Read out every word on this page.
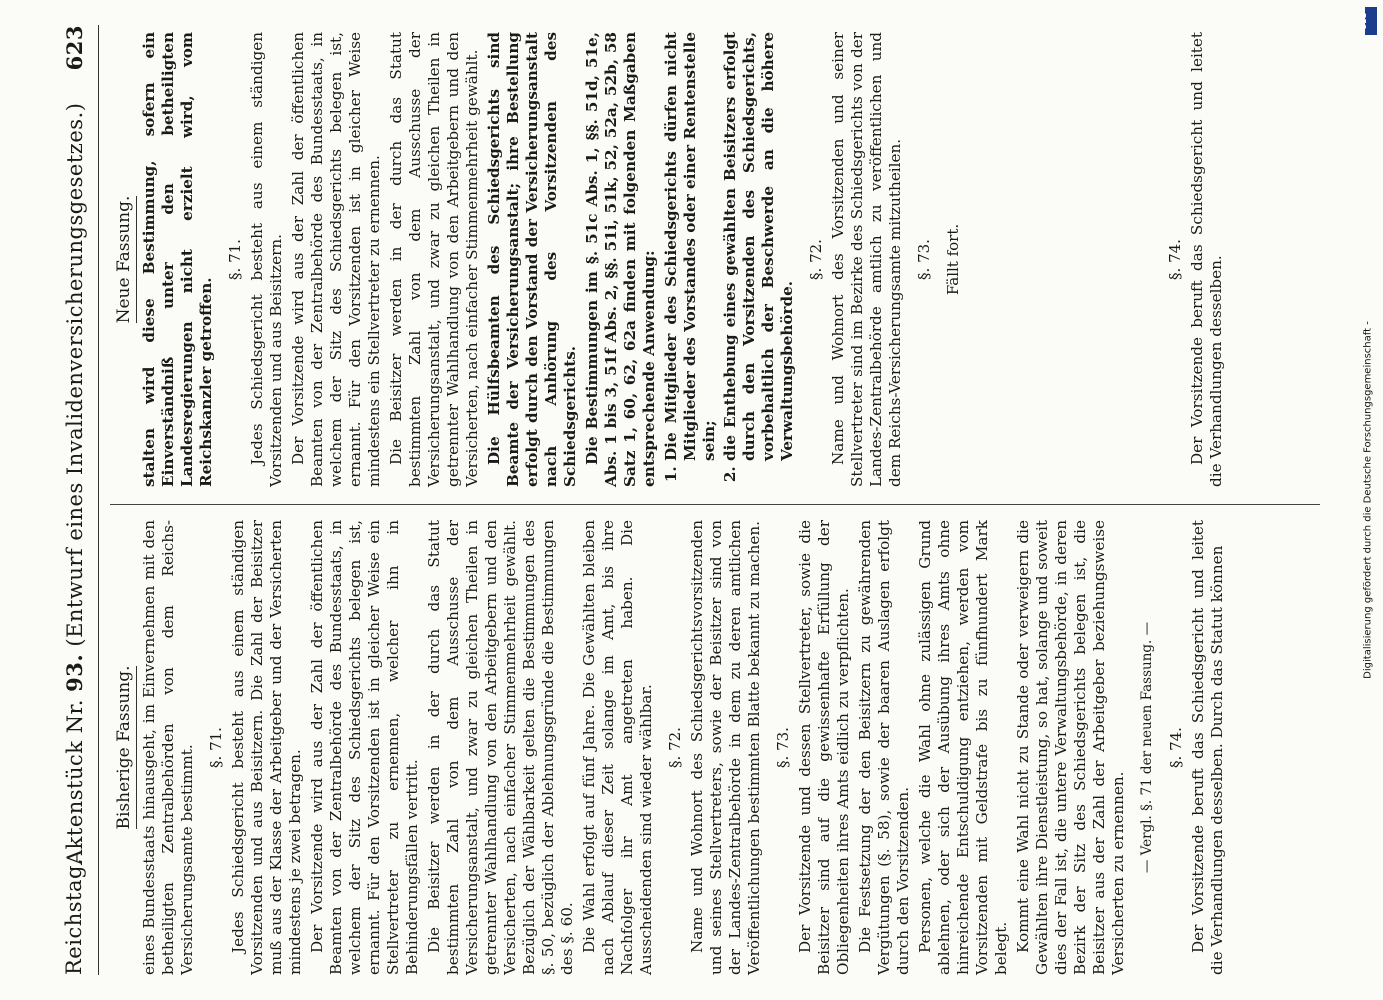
Reichstag.
Aktenstück Nr. 93. (Entwurf eines Invalidenversicherungsgesetzes.)
623
Bisherige Fassung. eines Bundesstaats hinausgeht, im Einvernehmen mit den betheiligten Zentralbehörden von dem Reichs-Versicherungsamte bestimmt. §. 71. Jedes Schiedsgericht besteht aus einem ständigen Vorsitzenden und aus Beisitzern. Die Zahl der Beisitzer muß aus der Klasse der Arbeitgeber und der Versicherten mindestens je zwei betragen. Der Vorsitzende wird aus der Zahl der öffentlichen Beamten von der Zentralbehörde des Bundesstaats, in welchem der Sitz des Schiedsgerichts belegen ist, ernannt. Für den Vorsitzenden ist in gleicher Weise ein Stellvertreter zu ernennen, welcher ihn in Behinderungsfällen vertritt. Die Beisitzer werden in der durch das Statut bestimmten Zahl von dem Ausschusse der Versicherungsanstalt, und zwar zu gleichen Theilen in getrennter Wahlhandlung von den Arbeitgebern und den Versicherten, nach einfacher Stimmenmehrheit gewählt. Bezüglich der Wählbarkeit gelten die Bestimmungen des §. 50, bezüglich der Ablehnungsgründe die Bestimmungen des §. 60. Die Wahl erfolgt auf fünf Jahre. Die Gewählten bleiben nach Ablauf dieser Zeit solange im Amt, bis ihre Nachfolger ihr Amt angetreten haben. Die Ausscheidenden sind wieder wählbar. §. 72. Name und Wohnort des Schiedsgerichtsvorsitzenden und seines Stellvertreters, sowie der Beisitzer sind von der Landes-Zentralbehörde in dem zu deren amtlichen Veröffentlichungen bestimmten Blatte bekannt zu machen. §. 73. Der Vorsitzende und dessen Stellvertreter, sowie die Beisitzer sind auf die gewissenhafte Erfüllung der Obliegenheiten ihres Amts eidlich zu verpflichten. Die Festsetzung der den Beisitzern zu gewährenden Vergütungen (§. 58), sowie der baaren Auslagen erfolgt durch den Vorsitzenden. Personen, welche die Wahl ohne zulässigen Grund ablehnen, oder sich der Ausübung ihres Amts ohne hinreichende Entschuldigung entziehen, werden vom Vorsitzenden mit Geldstrafe bis zu fünfhundert Mark belegt. Kommt eine Wahl nicht zu Stande oder verweigern die Gewählten ihre Dienstleistung, so hat, solange und soweit dies der Fall ist, die untere Verwaltungsbehörde, in deren Bezirk der Sitz des Schiedsgerichts belegen ist, die Beisitzer aus der Zahl der Arbeitgeber beziehungsweise Versicherten zu ernennen.

— Vergl. §. 71 der neuen Fassung. — §. 74. Der Vorsitzende beruft das Schiedsgericht und leitet die Verhandlungen desselben. Durch das Statut können

Neue Fassung. stalten wird diese Bestimmung, sofern ein Einverständniß unter den betheiligten Landesregierungen nicht erzielt wird, vom Reichskanzler getroffen.

§. 71. Jedes Schiedsgericht besteht aus einem ständigen Vorsitzenden und aus Beisitzern. Der Vorsitzende wird aus der Zahl der öffentlichen Beamten von der Zentralbehörde des Bundesstaats, in welchem der Sitz des Schiedsgerichts belegen ist, ernannt. Für den Vorsitzenden ist in gleicher Weise mindestens ein Stellvertreter zu ernennen. Die Beisitzer werden in der durch das Statut bestimmten Zahl von dem Ausschusse der Versicherungsanstalt, und zwar zu gleichen Theilen in getrennter Wahlhandlung von den Arbeitgebern und den Versicherten, nach einfacher Stimmenmehrheit gewählt. Die Hülfsbeamten des Schiedsgerichts sind Beamte der Versicherungsanstalt; ihre Bestellung erfolgt durch den Vorstand der Versicherungsanstalt nach Anhörung des Vorsitzenden des Schiedsgerichts. Die Bestimmungen im §. 51c Abs. 1, §§. 51d, 51e, Abs. 1 bis 3, 51f Abs. 2, §§. 51i, 51k, 52, 52a, 52b, 58 Satz 1, 60, 62, 62a finden mit folgenden Maßgaben entsprechende Anwendung: 1. Die Mitglieder des Schiedsgerichts dürfen nicht Mitglieder des Vorstandes oder einer Rentenstelle sein; 2. die Enthebung eines gewählten Beisitzers erfolgt durch den Vorsitzenden des Schiedsgerichts, vorbehaltlich der Beschwerde an die höhere Verwaltungsbehörde.
§. 72. Name und Wohnort des Vorsitzenden und seiner Stellvertreter sind im Bezirke des Schiedsgerichts von der Landes-Zentralbehörde amtlich zu veröffentlichen und dem Reichs-Versicherungsamte mitzutheilen. §. 73. Fällt fort.	§. 74. Der Vorsitzende beruft das Schiedsgericht und leitet die Verhandlungen desselben.

DFG
Digitalisierung gefördert durch die Deutsche Forschungsgemeinschaft -
